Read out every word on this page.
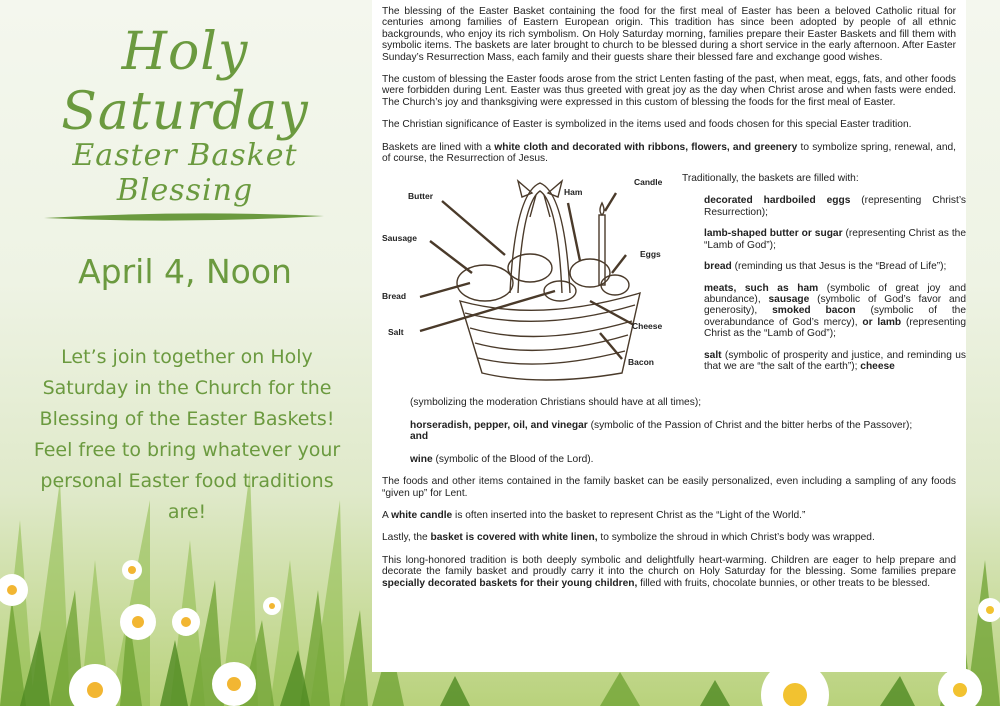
Holy Saturday
Easter Basket Blessing
April 4, Noon
Let’s join together on Holy Saturday in the Church for the Blessing of the Easter Baskets! Feel free to bring whatever your personal Easter food traditions are!

The blessing of the Easter Basket containing the food for the first meal of Easter has been a beloved Catholic ritual for centuries among families of Eastern European origin. This tradition has since been adopted by people of all ethnic backgrounds, who enjoy its rich symbolism. On Holy Saturday morning, families prepare their Easter Baskets and fill them with symbolic items. The baskets are later brought to church to be blessed during a short service in the early afternoon. After Easter Sunday’s Resurrection Mass, each family and their guests share their blessed fare and exchange good wishes.

The custom of blessing the Easter foods arose from the strict Lenten fasting of the past, when meat, eggs, fats, and other foods were forbidden during Lent. Easter was thus greeted with great joy as the day when Christ arose and when fasts were ended. The Church’s joy and thanksgiving were expressed in this custom of blessing the foods for the first meal of Easter.

The Christian significance of Easter is symbolized in the items used and foods chosen for this special Easter tradition.

Baskets are lined with a white cloth and decorated with ribbons, flowers, and greenery to symbolize spring, renewal, and, of course, the Resurrection of Jesus.

Butter	Ham
Candle
Sausage
Eggs
Bread
Salt
Cheese
Bacon
Traditionally, the baskets are filled with:
decorated hardboiled eggs (representing Christ’s Resurrection);
lamb-shaped butter or sugar (representing Christ as the “Lamb of God”);
bread (reminding us that Jesus is the “Bread of Life”);
meats, such as ham (symbolic of great joy and abundance), sausage (symbolic of God’s favor and generosity), smoked bacon (symbolic of the overabundance of God’s mercy), or lamb (representing Christ as the “Lamb of God”);
salt (symbolic of prosperity and justice, and reminding us that we are “the salt of the earth”); cheese

(symbolizing the moderation Christians should have at all times);

horseradish, pepper, oil, and vinegar (symbolic of the Passion of Christ and the bitter herbs of the Passover);
and

wine (symbolic of the Blood of the Lord).

The foods and other items contained in the family basket can be easily personalized, even including a sampling of any foods “given up” for Lent.

A white candle is often inserted into the basket to represent Christ as the “Light of the World.”

Lastly, the basket is covered with white linen, to symbolize the shroud in which Christ’s body was wrapped.

This long-honored tradition is both deeply symbolic and delightfully heart-warming. Children are eager to help prepare and decorate the family basket and proudly carry it into the church on Holy Saturday for the blessing. Some families prepare specially decorated baskets for their young children, filled with fruits, chocolate bunnies, or other treats to be blessed.
